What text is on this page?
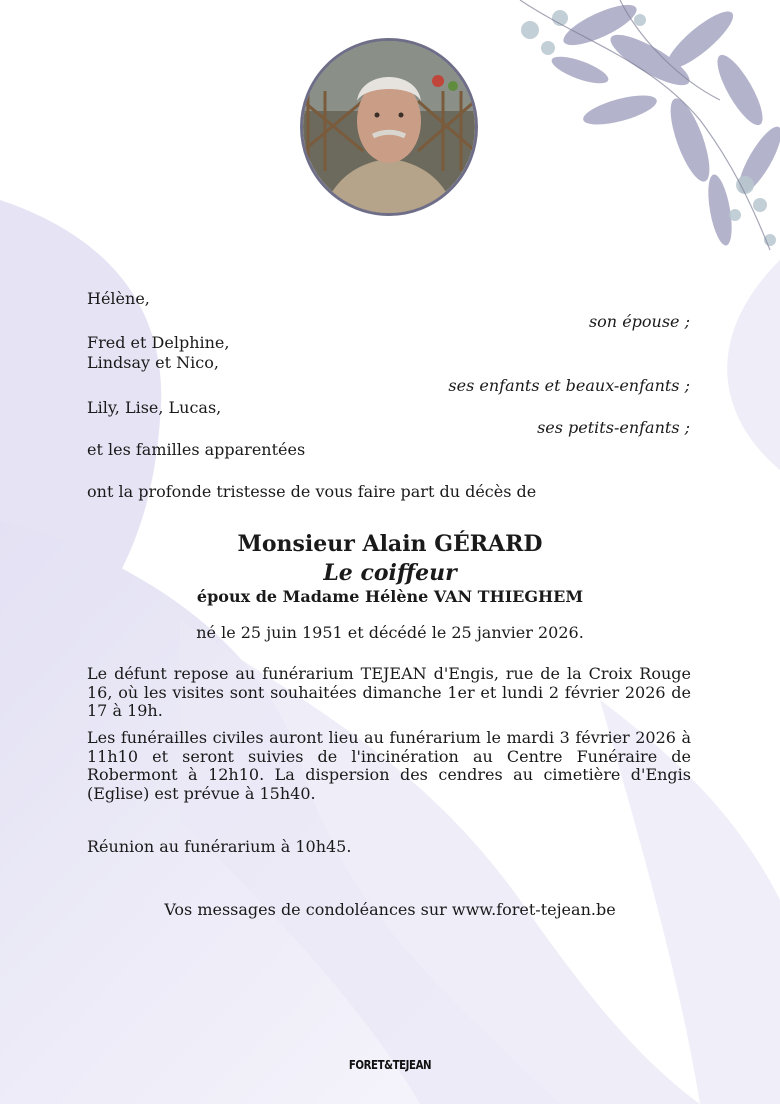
Hélène,
son épouse ;
Fred et Delphine,
Lindsay et Nico,
ses enfants et beaux-enfants ;
Lily, Lise, Lucas,
ses petits-enfants ;
et les familles apparentées
ont la profonde tristesse de vous faire part du décès de
Monsieur Alain GÉRARD
Le coiffeur
époux de Madame Hélène VAN THIEGHEM
né le 25 juin 1951 et décédé le 25 janvier 2026.
Le défunt repose au funérarium TEJEAN d'Engis, rue de la Croix Rouge 16, où les visites sont souhaitées dimanche 1er et lundi 2 février 2026 de 17 à 19h.
Les funérailles civiles auront lieu au funérarium le mardi 3 février 2026 à 11h10 et seront suivies de l'incinération au Centre Funéraire de Robermont à 12h10. La dispersion des cendres au cimetière d'Engis (Eglise) est prévue à 15h40.
Réunion au funérarium à 10h45.
Vos messages de condoléances sur www.foret-tejean.be
FORET&TEJEAN
